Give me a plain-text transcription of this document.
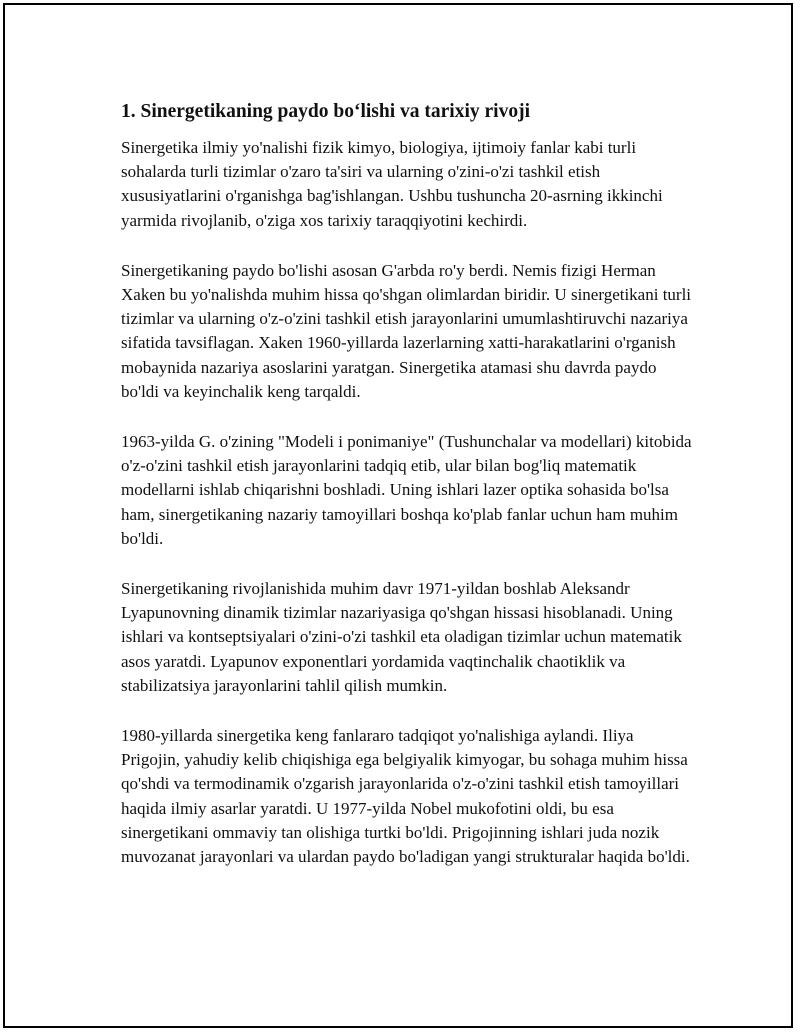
1. Sinergetikaning paydo bo‘lishi va tarixiy rivoji

Sinergetika ilmiy yo'nalishi fizik kimyo, biologiya, ijtimoiy fanlar kabi turli sohalarda turli tizimlar o'zaro ta'siri va ularning o'zini-o'zi tashkil etish xususiyatlarini o'rganishga bag'ishlangan. Ushbu tushuncha 20-asrning ikkinchi yarmida rivojlanib, o'ziga xos tarixiy taraqqiyotini kechirdi.

Sinergetikaning paydo bo'lishi asosan G'arbda ro'y berdi. Nemis fizigi Herman Xaken bu yo'nalishda muhim hissa qo'shgan olimlardan biridir. U sinergetikani turli tizimlar va ularning o'z-o'zini tashkil etish jarayonlarini umumlashtiruvchi nazariya sifatida tavsiflagan. Xaken 1960-yillarda lazerlarning xatti-harakatlarini o'rganish mobaynida nazariya asoslarini yaratgan. Sinergetika atamasi shu davrda paydo bo'ldi va keyinchalik keng tarqaldi.

1963-yilda G. o'zining "Modeli i ponimaniye" (Tushunchalar va modellari) kitobida o'z-o'zini tashkil etish jarayonlarini tadqiq etib, ular bilan bog'liq matematik modellarni ishlab chiqarishni boshladi. Uning ishlari lazer optika sohasida bo'lsa ham, sinergetikaning nazariy tamoyillari boshqa ko'plab fanlar uchun ham muhim bo'ldi.

Sinergetikaning rivojlanishida muhim davr 1971-yildan boshlab Aleksandr Lyapunovning dinamik tizimlar nazariyasiga qo'shgan hissasi hisoblanadi. Uning ishlari va kontseptsiyalari o'zini-o'zi tashkil eta oladigan tizimlar uchun matematik asos yaratdi. Lyapunov exponentlari yordamida vaqtinchalik chaotiklik va stabilizatsiya jarayonlarini tahlil qilish mumkin.

1980-yillarda sinergetika keng fanlararo tadqiqot yo'nalishiga aylandi. Iliya Prigojin, yahudiy kelib chiqishiga ega belgiyalik kimyogar, bu sohaga muhim hissa qo'shdi va termodinamik o'zgarish jarayonlarida o'z-o'zini tashkil etish tamoyillari haqida ilmiy asarlar yaratdi. U 1977-yilda Nobel mukofotini oldi, bu esa sinergetikani ommaviy tan olishiga turtki bo'ldi. Prigojinning ishlari juda nozik muvozanat jarayonlari va ulardan paydo bo'ladigan yangi strukturalar haqida bo'ldi.
